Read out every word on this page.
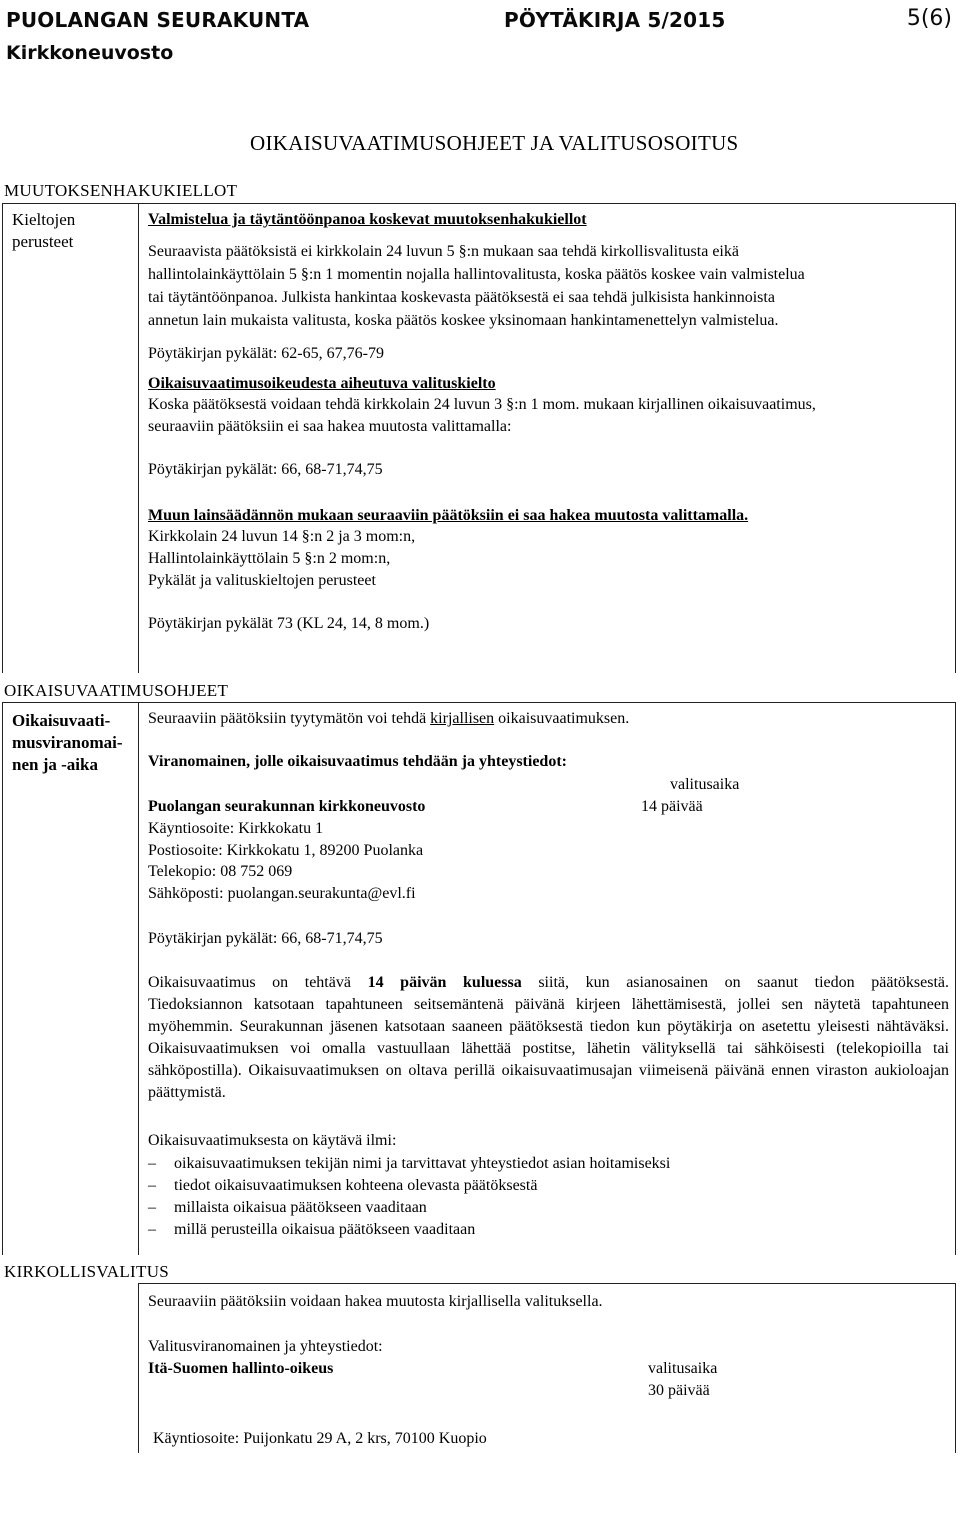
PUOLANGAN SEURAKUNTA	PÖYTÄKIRJA 5/2015	5(6)
Kirkkoneuvosto
OIKAISUVAATIMUSOHJEET JA VALITUSOSOITUS
MUUTOKSENHAKUKIELLOT
Kieltojen
perusteet
Valmistelua ja täytäntöönpanoa koskevat muutoksenhakukiellot
Seuraavista päätöksistä ei kirkkolain 24 luvun 5 §:n mukaan saa tehdä kirkollisvalitusta eikä
hallintolainkäyttölain 5 §:n 1 momentin nojalla hallintovalitusta, koska päätös koskee vain valmistelua
tai täytäntöönpanoa. Julkista hankintaa koskevasta päätöksestä ei saa tehdä julkisista hankinnoista
annetun lain mukaista valitusta, koska päätös koskee yksinomaan hankintamenettelyn valmistelua.
Pöytäkirjan pykälät: 62-65, 67,76-79
Oikaisuvaatimusoikeudesta aiheutuva valituskielto
Koska päätöksestä voidaan tehdä kirkkolain 24 luvun 3 §:n 1 mom. mukaan kirjallinen oikaisuvaatimus,
seuraaviin päätöksiin ei saa hakea muutosta valittamalla:
Pöytäkirjan pykälät: 66, 68-71,74,75
Muun lainsäädännön mukaan seuraaviin päätöksiin ei saa hakea muutosta valittamalla.
Kirkkolain 24 luvun 14 §:n 2 ja 3 mom:n,
Hallintolainkäyttölain 5 §:n 2 mom:n,
Pykälät ja valituskieltojen perusteet
Pöytäkirjan pykälät 73 (KL 24, 14, 8 mom.)
OIKAISUVAATIMUSOHJEET
Oikaisuvaati-
musviranomai-
nen ja -aika
Seuraaviin päätöksiin tyytymätön voi tehdä kirjallisen oikaisuvaatimuksen.
Viranomainen, jolle oikaisuvaatimus tehdään ja yhteystiedot:
valitusaika
Puolangan seurakunnan kirkkoneuvosto	14 päivää
Käyntiosoite: Kirkkokatu 1
Postiosoite: Kirkkokatu 1, 89200 Puolanka
Telekopio: 08 752 069
Sähköposti: puolangan.seurakunta@evl.fi
Pöytäkirjan pykälät: 66, 68-71,74,75
Oikaisuvaatimus on tehtävä 14 päivän kuluessa siitä, kun asianosainen on saanut tiedon päätöksestä.
Tiedoksiannon katsotaan tapahtuneen seitsemäntenä päivänä kirjeen lähettämisestä, jollei sen näytetä tapahtuneen myöhemmin. Seurakunnan jäsenen katsotaan saaneen päätöksestä tiedon kun pöytäkirja on asetettu yleisesti nähtäväksi. Oikaisuvaatimuksen voi omalla vastuullaan lähettää postitse, lähetin välityksellä tai sähköisesti (telekopioilla tai sähköpostilla). Oikaisuvaatimuksen on oltava perillä oikaisuvaatimusajan viimeisenä päivänä ennen viraston aukioloajan päättymistä.
Oikaisuvaatimuksesta on käytävä ilmi:
– oikaisuvaatimuksen tekijän nimi ja tarvittavat yhteystiedot asian hoitamiseksi
– tiedot oikaisuvaatimuksen kohteena olevasta päätöksestä
– millaista oikaisua päätökseen vaaditaan
– millä perusteilla oikaisua päätökseen vaaditaan
KIRKOLLISVALITUS
Seuraaviin päätöksiin voidaan hakea muutosta kirjallisella valituksella.
Valitusviranomainen ja yhteystiedot:
Itä-Suomen hallinto-oikeus	valitusaika
30 päivää
Käyntiosoite: Puijonkatu 29 A, 2 krs, 70100 Kuopio
